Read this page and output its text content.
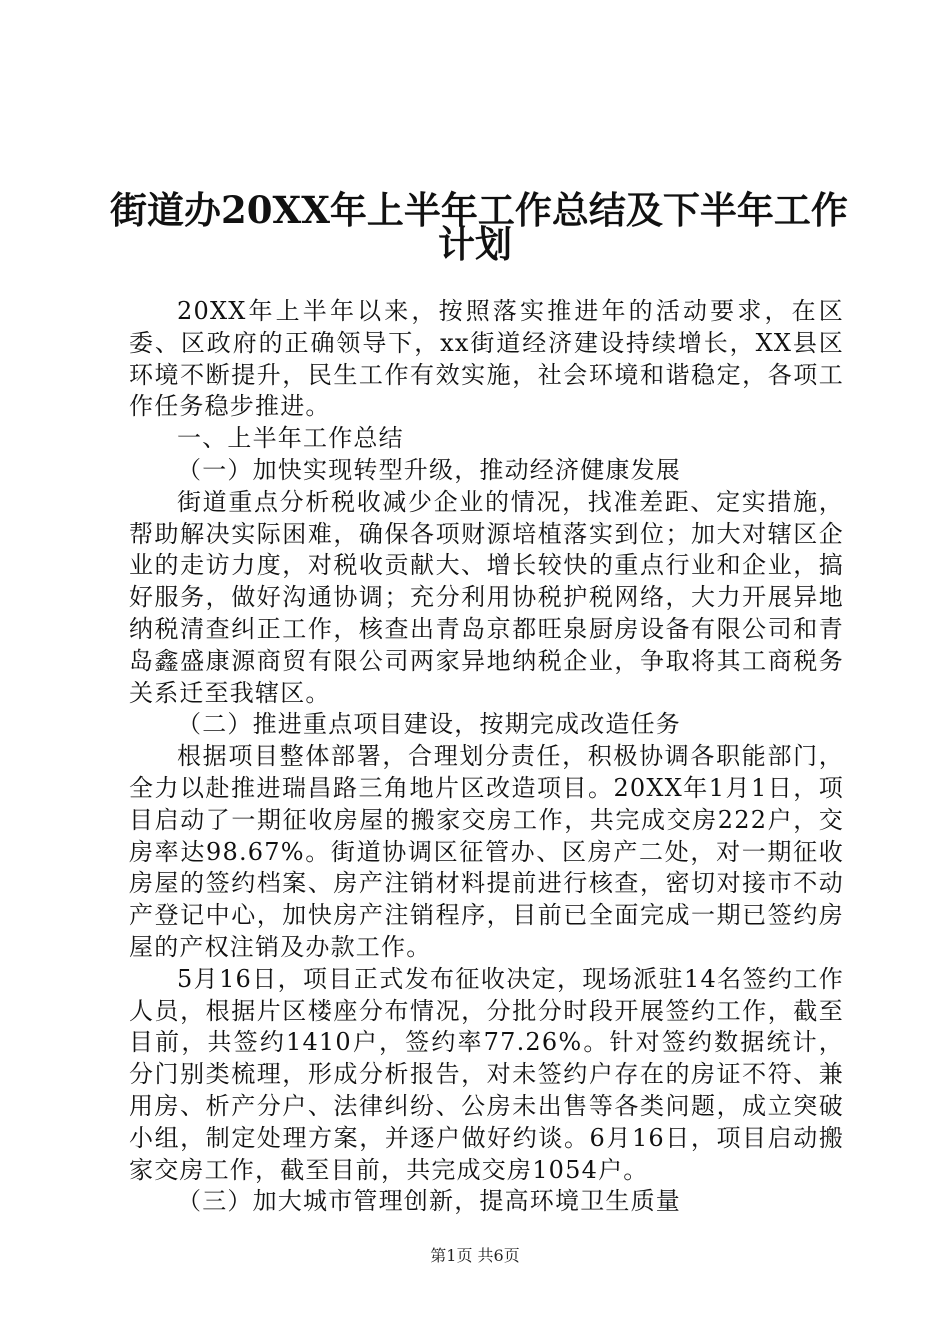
街道办20XX年上半年工作总结及下半年工作
计划

20XX年上半年以来，按照落实推进年的活动要求，在区委、区政府的正确领导下，xx街道经济建设持续增长，XX县区环境不断提升，民生工作有效实施，社会环境和谐稳定，各项工作任务稳步推进。

一、上半年工作总结

（一）加快实现转型升级，推动经济健康发展

街道重点分析税收减少企业的情况，找准差距、定实措施，帮助解决实际困难，确保各项财源培植落实到位；加大对辖区企业的走访力度，对税收贡献大、增长较快的重点行业和企业，搞好服务，做好沟通协调；充分利用协税护税网络，大力开展异地纳税清查纠正工作，核查出青岛京都旺泉厨房设备有限公司和青岛鑫盛康源商贸有限公司两家异地纳税企业，争取将其工商税务关系迁至我辖区。

（二）推进重点项目建设，按期完成改造任务

根据项目整体部署，合理划分责任，积极协调各职能部门，全力以赴推进瑞昌路三角地片区改造项目。20XX年1月1日，项目启动了一期征收房屋的搬家交房工作，共完成交房222户，交房率达98.67%。街道协调区征管办、区房产二处，对一期征收房屋的签约档案、房产注销材料提前进行核查，密切对接市不动产登记中心，加快房产注销程序，目前已全面完成一期已签约房屋的产权注销及办款工作。

5月16日，项目正式发布征收决定，现场派驻14名签约工作人员，根据片区楼座分布情况，分批分时段开展签约工作，截至目前，共签约1410户，签约率77.26%。针对签约数据统计，分门别类梳理，形成分析报告，对未签约户存在的房证不符、兼用房、析产分户、法律纠纷、公房未出售等各类问题，成立突破小组，制定处理方案，并逐户做好约谈。6月16日，项目启动搬家交房工作，截至目前，共完成交房1054户。

（三）加大城市管理创新，提高环境卫生质量

第1页 共6页
